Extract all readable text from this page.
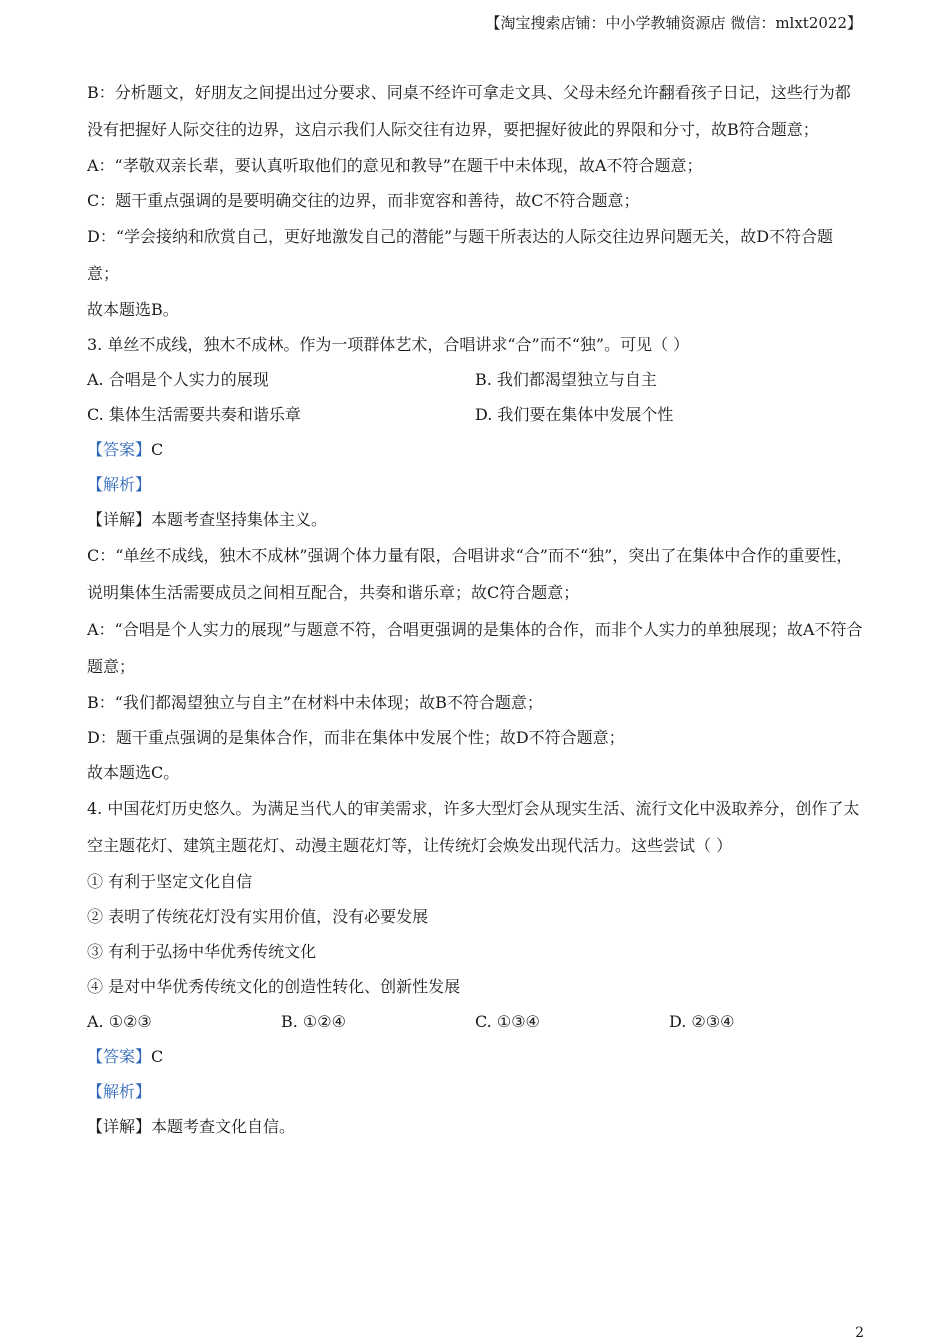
【淘宝搜索店铺：中小学教辅资源店 微信：mlxt2022】
B：分析题文，好朋友之间提出过分要求、同桌不经许可拿走文具、父母未经允许翻看孩子日记，这些行为都没有把握好人际交往的边界，这启示我们人际交往有边界，要把握好彼此的界限和分寸，故B符合题意；
A：“孝敬双亲长辈，要认真听取他们的意见和教导”在题干中未体现，故A不符合题意；
C：题干重点强调的是要明确交往的边界，而非宽容和善待，故C不符合题意；
D：“学会接纳和欣赏自己，更好地激发自己的潜能”与题干所表达的人际交往边界问题无关，故D不符合题意；
故本题选B。
3. 单丝不成线，独木不成林。作为一项群体艺术，合唱讲求“合”而不“独”。可见（ ）
A. 合唱是个人实力的展现	B. 我们都渴望独立与自主
C. 集体生活需要共奏和谐乐章	D. 我们要在集体中发展个性
【答案】C
【解析】
【详解】本题考查坚持集体主义。
C：“单丝不成线，独木不成林”强调个体力量有限，合唱讲求“合”而不“独”，突出了在集体中合作的重要性，说明集体生活需要成员之间相互配合，共奏和谐乐章；故C符合题意；
A：“合唱是个人实力的展现”与题意不符，合唱更强调的是集体的合作，而非个人实力的单独展现；故A不符合题意；
B：“我们都渴望独立与自主”在材料中未体现；故B不符合题意；
D：题干重点强调的是集体合作，而非在集体中发展个性；故D不符合题意；
故本题选C。
4. 中国花灯历史悠久。为满足当代人的审美需求，许多大型灯会从现实生活、流行文化中汲取养分，创作了太空主题花灯、建筑主题花灯、动漫主题花灯等，让传统灯会焕发出现代活力。这些尝试（ ）
① 有利于坚定文化自信
② 表明了传统花灯没有实用价值，没有必要发展
③ 有利于弘扬中华优秀传统文化
④ 是对中华优秀传统文化的创造性转化、创新性发展
A. ①②③	B. ①②④	C. ①③④	D. ②③④
【答案】C
【解析】
【详解】本题考查文化自信。
2
